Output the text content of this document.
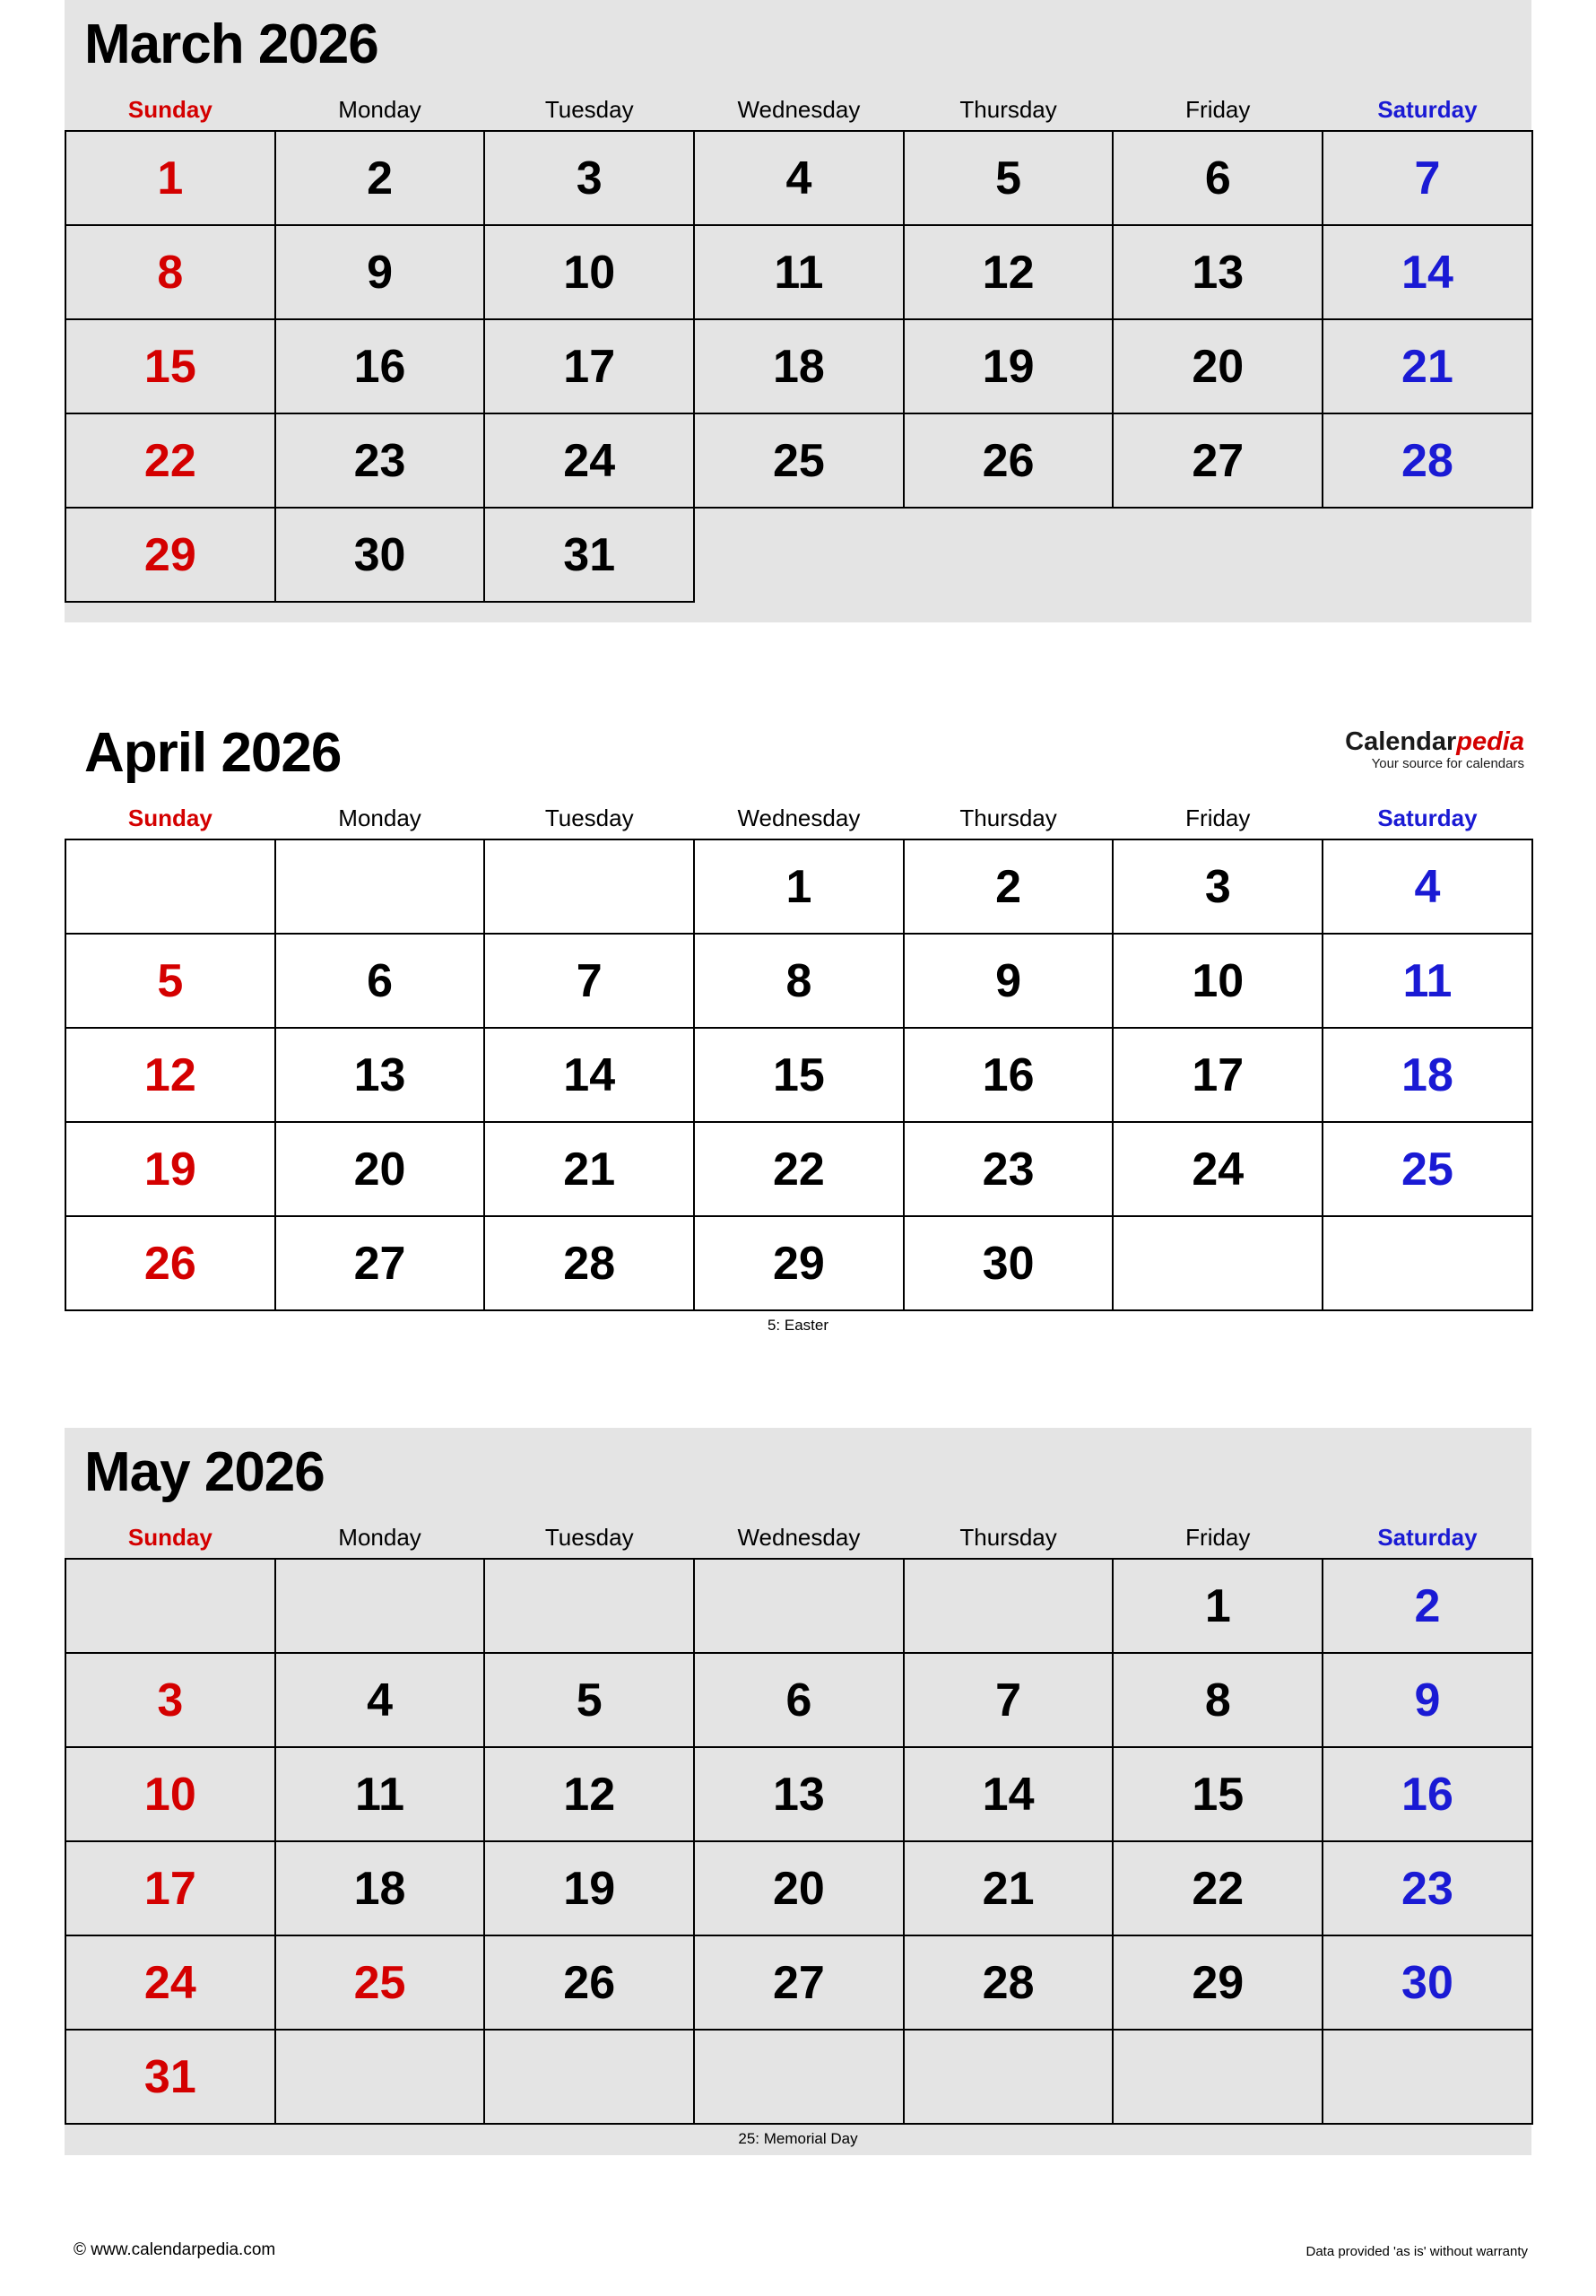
March 2026
Sunday	Monday	Tuesday	Wednesday	Thursday	Friday	Saturday
1	2	3	4	5	6	7
8	9	10	11	12	13	14
15	16	17	18	19	20	21
22	23	24	25	26	27	28
29	30	31				
April 2026	Calendarpedia
Your source for calendars
Sunday	Monday	Tuesday	Wednesday	Thursday	Friday	Saturday
			1	2	3	4
5	6	7	8	9	10	11
12	13	14	15	16	17	18
19	20	21	22	23	24	25
26	27	28	29	30		
5: Easter
May 2026
Sunday	Monday	Tuesday	Wednesday	Thursday	Friday	Saturday
					1	2
3	4	5	6	7	8	9
10	11	12	13	14	15	16
17	18	19	20	21	22	23
24	25	26	27	28	29	30
31						
25: Memorial Day
© www.calendarpedia.com	Data provided 'as is' without warranty
